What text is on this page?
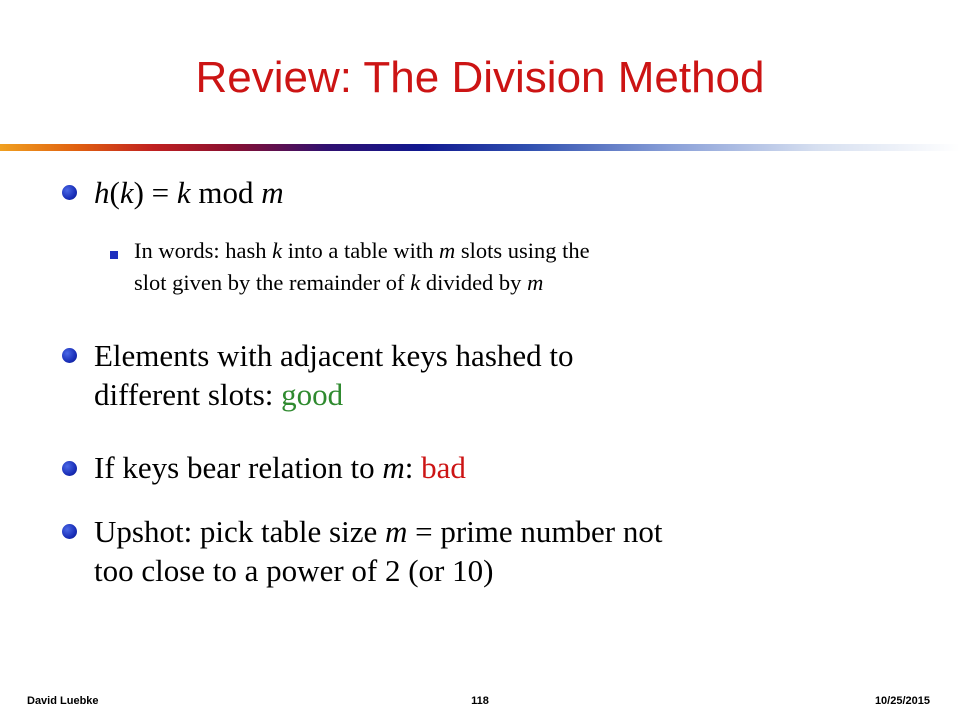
Review: The Division Method
h(k) = k mod m
In words: hash k into a table with m slots using the
slot given by the remainder of k divided by m
Elements with adjacent keys hashed to
different slots: good
If keys bear relation to m: bad
Upshot: pick table size m = prime number not
too close to a power of 2 (or 10)
David Luebke	118	10/25/2015
